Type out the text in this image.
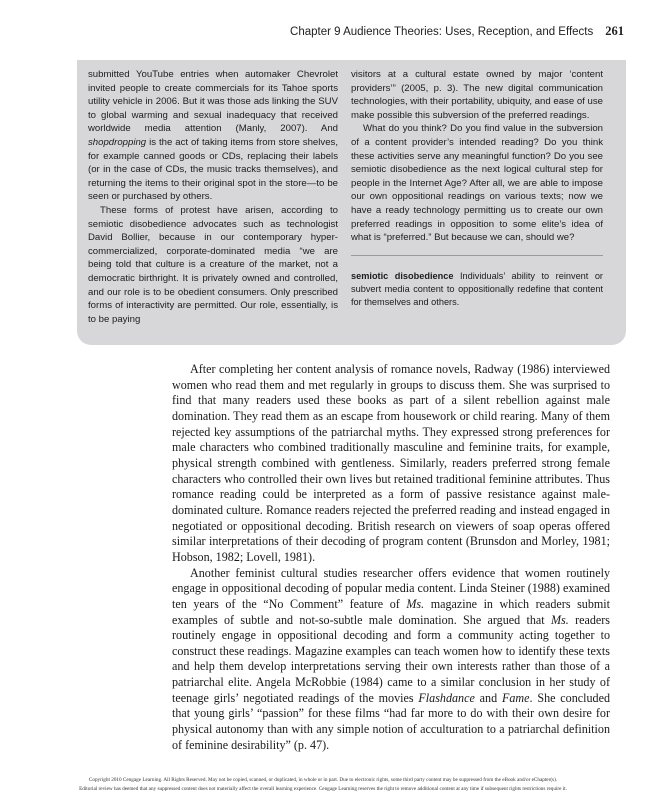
Chapter 9 Audience Theories: Uses, Reception, and Effects 261

submitted YouTube entries when automaker Chevrolet invited people to create commercials for its Tahoe sports utility vehicle in 2006. But it was those ads linking the SUV to global warming and sexual inadequacy that received worldwide media attention (Manly, 2007). And shopdropping is the act of taking items from store shelves, for example canned goods or CDs, replacing their labels (or in the case of CDs, the music tracks themselves), and returning the items to their original spot in the store—to be seen or purchased by others.

These forms of protest have arisen, according to semiotic disobedience advocates such as technologist David Bollier, because in our contemporary hyper-commercialized, corporate-dominated media “we are being told that culture is a creature of the market, not a democratic birthright. It is privately owned and controlled, and our role is to be obedient consumers. Only prescribed forms of interactivity are permitted. Our role, essentially, is to be paying

visitors at a cultural estate owned by major ‘content providers’” (2005, p. 3). The new digital communication technologies, with their portability, ubiquity, and ease of use make possible this subversion of the preferred readings.

What do you think? Do you find value in the subversion of a content provider’s intended reading? Do you think these activities serve any meaningful function? Do you see semiotic disobedience as the next logical cultural step for people in the Internet Age? After all, we are able to impose our own oppositional readings on various texts; now we have a ready technology permitting us to create our own preferred readings in opposition to some elite’s idea of what is “preferred.” But because we can, should we?

semiotic disobedience Individuals’ ability to reinvent or subvert media content to oppositionally redefine that content for themselves and others.

After completing her content analysis of romance novels, Radway (1986) interviewed women who read them and met regularly in groups to discuss them. She was surprised to find that many readers used these books as part of a silent rebellion against male domination. They read them as an escape from housework or child rearing. Many of them rejected key assumptions of the patriarchal myths. They expressed strong preferences for male characters who combined traditionally masculine and feminine traits, for example, physical strength combined with gentleness. Similarly, readers preferred strong female characters who controlled their own lives but retained traditional feminine attributes. Thus romance reading could be interpreted as a form of passive resistance against male-dominated culture. Romance readers rejected the preferred reading and instead engaged in negotiated or oppositional decoding. British research on viewers of soap operas offered similar interpretations of their decoding of program content (Brunsdon and Morley, 1981; Hobson, 1982; Lovell, 1981).

Another feminist cultural studies researcher offers evidence that women routinely engage in oppositional decoding of popular media content. Linda Steiner (1988) examined ten years of the “No Comment” feature of Ms. magazine in which readers submit examples of subtle and not-so-subtle male domination. She argued that Ms. readers routinely engage in oppositional decoding and form a community acting together to construct these readings. Magazine examples can teach women how to identify these texts and help them develop interpretations serving their own interests rather than those of a patriarchal elite. Angela McRobbie (1984) came to a similar conclusion in her study of teenage girls’ negotiated readings of the movies Flashdance and Fame. She concluded that young girls’ “passion” for these films “had far more to do with their own desire for physical autonomy than with any simple notion of acculturation to a patriarchal definition of feminine desirability” (p. 47).

Copyright 2010 Cengage Learning. All Rights Reserved. May not be copied, scanned, or duplicated, in whole or in part. Due to electronic rights, some third party content may be suppressed from the eBook and/or eChapter(s).
Editorial review has deemed that any suppressed content does not materially affect the overall learning experience. Cengage Learning reserves the right to remove additional content at any time if subsequent rights restrictions require it.
